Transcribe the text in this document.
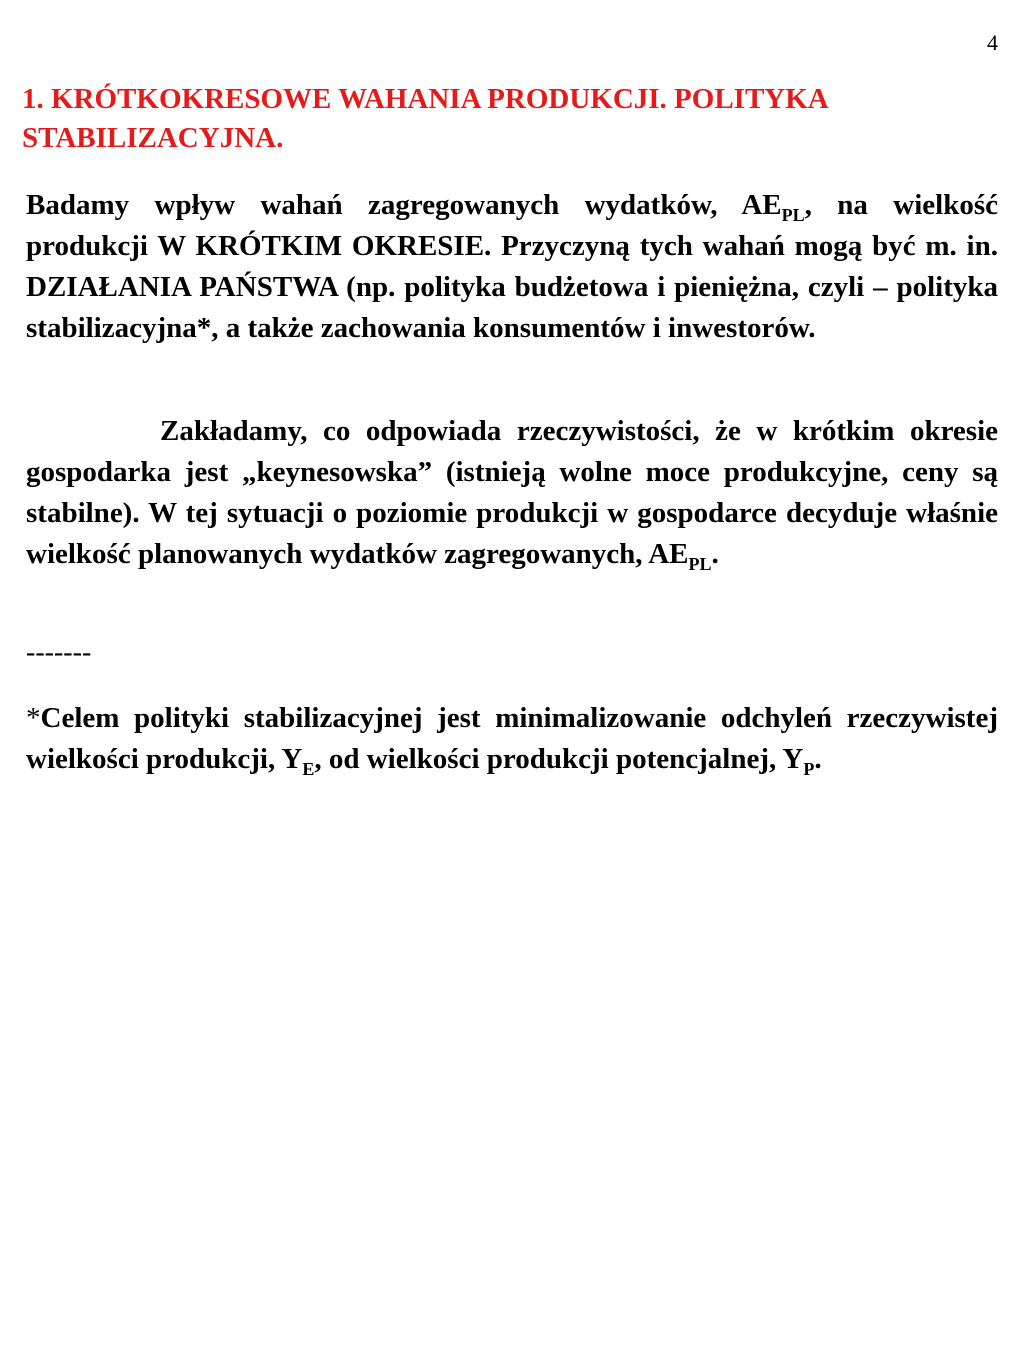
4
1. KRÓTKOKRESOWE WAHANIA PRODUKCJI. POLITYKA
STABILIZACYJNA.

Badamy wpływ wahań zagregowanych wydatków, $AE_{PL}$, na wielkość produkcji W KRÓTKIM OKRESIE. Przyczyną tych wahań mogą być m. in. DZIAŁANIA PAŃSTWA (np. polityka budżetowa i pieniężna, czyli – polityka stabilizacyjna*, a także zachowania konsumentów i inwestorów.

Zakładamy, co odpowiada rzeczywistości, że w krótkim okresie gospodarka jest „keynesowska” (istnieją wolne moce produkcyjne, ceny są stabilne). W tej sytuacji o poziomie produkcji w gospodarce decyduje właśnie wielkość planowanych wydatków zagregowanych, $AE_{PL}$.

-------

*Celem polityki stabilizacyjnej jest minimalizowanie odchyleń rzeczywistej wielkości produkcji, $Y_E$, od wielkości produkcji potencjalnej, $Y_P$.
